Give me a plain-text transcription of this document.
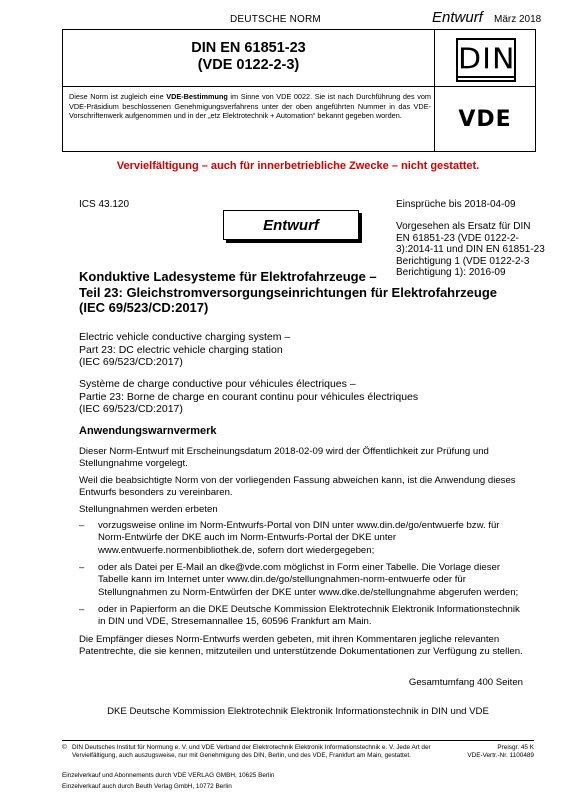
DEUTSCHE NORM	Entwurf März 2018
DIN EN 61851-23
(VDE 0122-2-3)
Diese Norm ist zugleich eine VDE-Bestimmung im Sinne von VDE 0022. Sie ist nach Durchführung des vom VDE-Präsidium beschlossenen Genehmigungsverfahrens unter der oben angeführten Nummer in das VDE-Vorschriftenwerk aufgenommen und in der „etz Elektrotechnik + Automation“ bekannt gegeben worden.
DIN
VDE
Vervielfältigung – auch für innerbetriebliche Zwecke – nicht gestattet.
ICS 43.120	Einsprüche bis 2018-04-09
Vorgesehen als Ersatz für DIN EN 61851-23 (VDE 0122-2-3):2014-11 und DIN EN 61851-23 Berichtigung 1 (VDE 0122-2-3 Berichtigung 1): 2016-09
Entwurf
Konduktive Ladesysteme für Elektrofahrzeuge –
Teil 23: Gleichstromversorgungseinrichtungen für Elektrofahrzeuge
(IEC 69/523/CD:2017)
Electric vehicle conductive charging system –
Part 23: DC electric vehicle charging station
(IEC 69/523/CD:2017)
Système de charge conductive pour véhicules électriques –
Partie 23: Borne de charge en courant continu pour véhicules électriques
(IEC 69/523/CD:2017)
Anwendungswarnvermerk
Dieser Norm-Entwurf mit Erscheinungsdatum 2018-02-09 wird der Öffentlichkeit zur Prüfung und Stellungnahme vorgelegt.
Weil die beabsichtigte Norm von der vorliegenden Fassung abweichen kann, ist die Anwendung dieses Entwurfs besonders zu vereinbaren.
Stellungnahmen werden erbeten
– vorzugsweise online im Norm-Entwurfs-Portal von DIN unter www.din.de/go/entwuerfe bzw. für Norm-Entwürfe der DKE auch im Norm-Entwurfs-Portal der DKE unter www.entwuerfe.normenbibliothek.de, sofern dort wiedergegeben;
– oder als Datei per E-Mail an dke@vde.com möglichst in Form einer Tabelle. Die Vorlage dieser Tabelle kann im Internet unter www.din.de/go/stellungnahmen-norm-entwuerfe oder für Stellungnahmen zu Norm-Entwürfen der DKE unter www.dke.de/stellungnahme abgerufen werden;
– oder in Papierform an die DKE Deutsche Kommission Elektrotechnik Elektronik Informationstechnik in DIN und VDE, Stresemannallee 15, 60596 Frankfurt am Main.
Die Empfänger dieses Norm-Entwurfs werden gebeten, mit ihren Kommentaren jegliche relevanten Patentrechte, die sie kennen, mitzuteilen und unterstützende Dokumentationen zur Verfügung zu stellen.
Gesamtumfang 400 Seiten
DKE Deutsche Kommission Elektrotechnik Elektronik Informationstechnik in DIN und VDE
© DIN Deutsches Institut für Normung e. V. und VDE Verband der Elektrotechnik Elektronik Informationstechnik e. V. Jede Art der Vervielfältigung, auch auszugsweise, nur mit Genehmigung des DIN, Berlin, und des VDE, Frankfurt am Main, gestattet.
Preisgr. 45 K
VDE-Vertr.-Nr. 1100489
Einzelverkauf und Abonnements durch VDE VERLAG GMBH, 10625 Berlin
Einzelverkauf auch durch Beuth Verlag GmbH, 10772 Berlin
